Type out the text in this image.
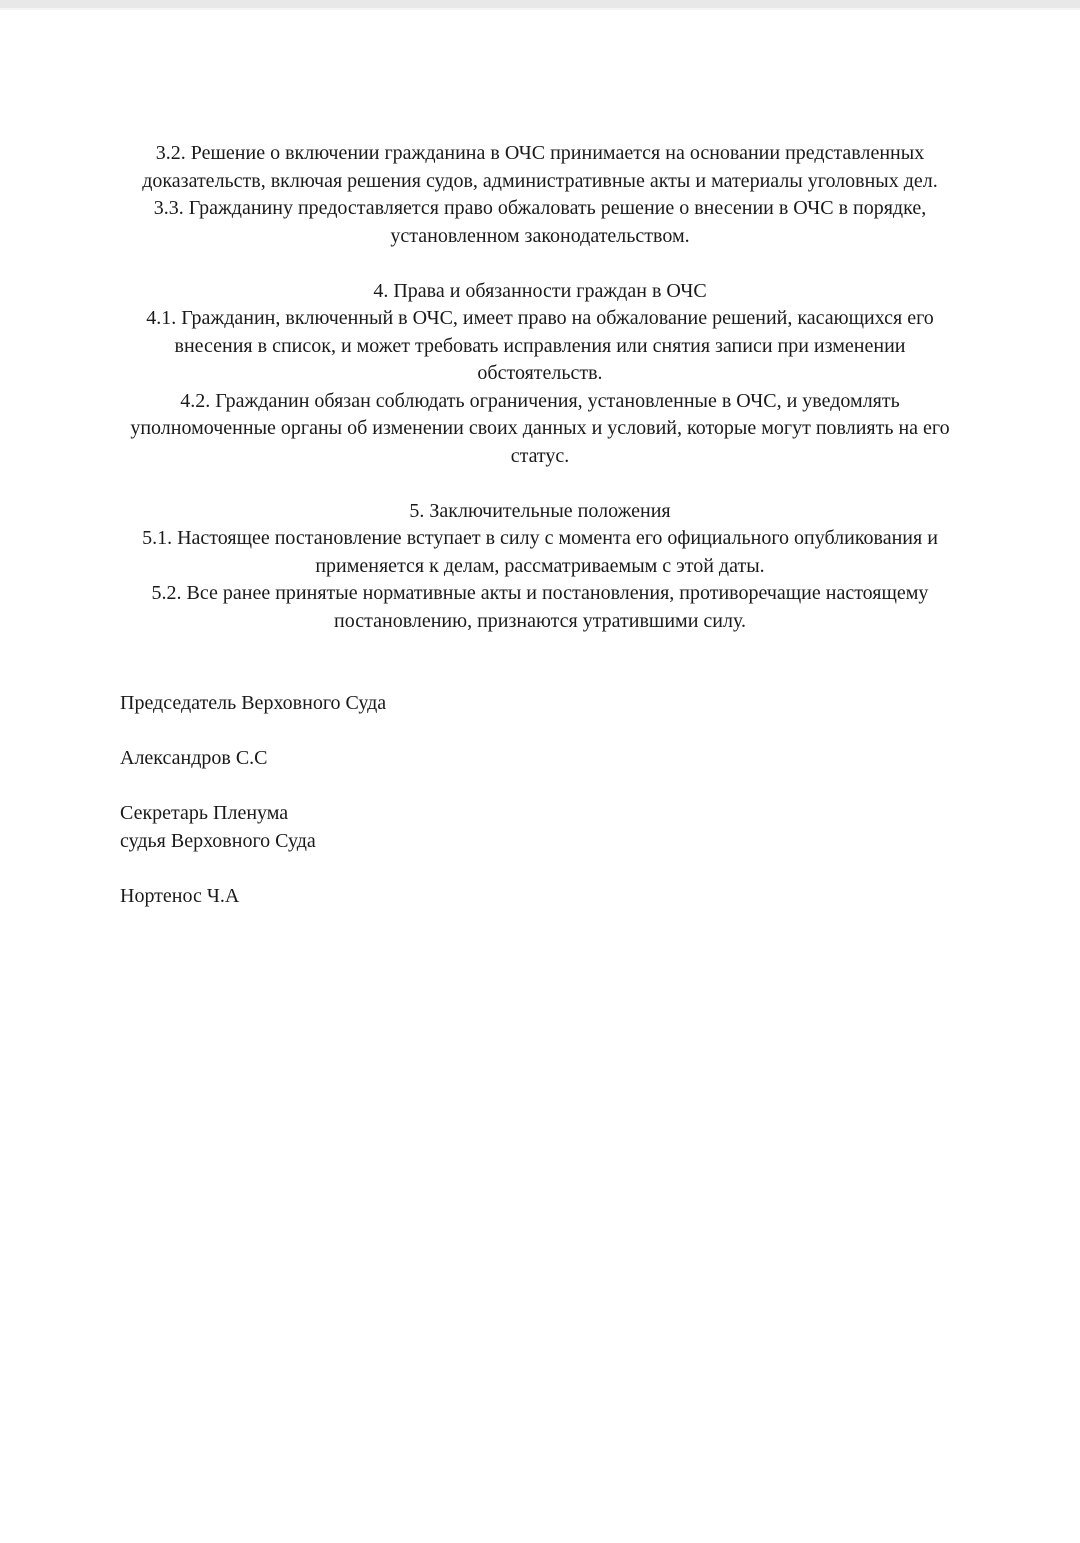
3.2. Решение о включении гражданина в ОЧС принимается на основании представленных доказательств, включая решения судов, административные акты и материалы уголовных дел.

3.3. Гражданину предоставляется право обжаловать решение о внесении в ОЧС в порядке, установленном законодательством.

4. Права и обязанности граждан в ОЧС

4.1. Гражданин, включенный в ОЧС, имеет право на обжалование решений, касающихся его внесения в список, и может требовать исправления или снятия записи при изменении обстоятельств.

4.2. Гражданин обязан соблюдать ограничения, установленные в ОЧС, и уведомлять уполномоченные органы об изменении своих данных и условий, которые могут повлиять на его статус.

5. Заключительные положения

5.1. Настоящее постановление вступает в силу с момента его официального опубликования и применяется к делам, рассматриваемым с этой даты.

5.2. Все ранее принятые нормативные акты и постановления, противоречащие настоящему постановлению, признаются утратившими силу.

Председатель Верховного Суда

Александров С.С

Секретарь Пленума

судья Верховного Суда

Нортенос Ч.А
